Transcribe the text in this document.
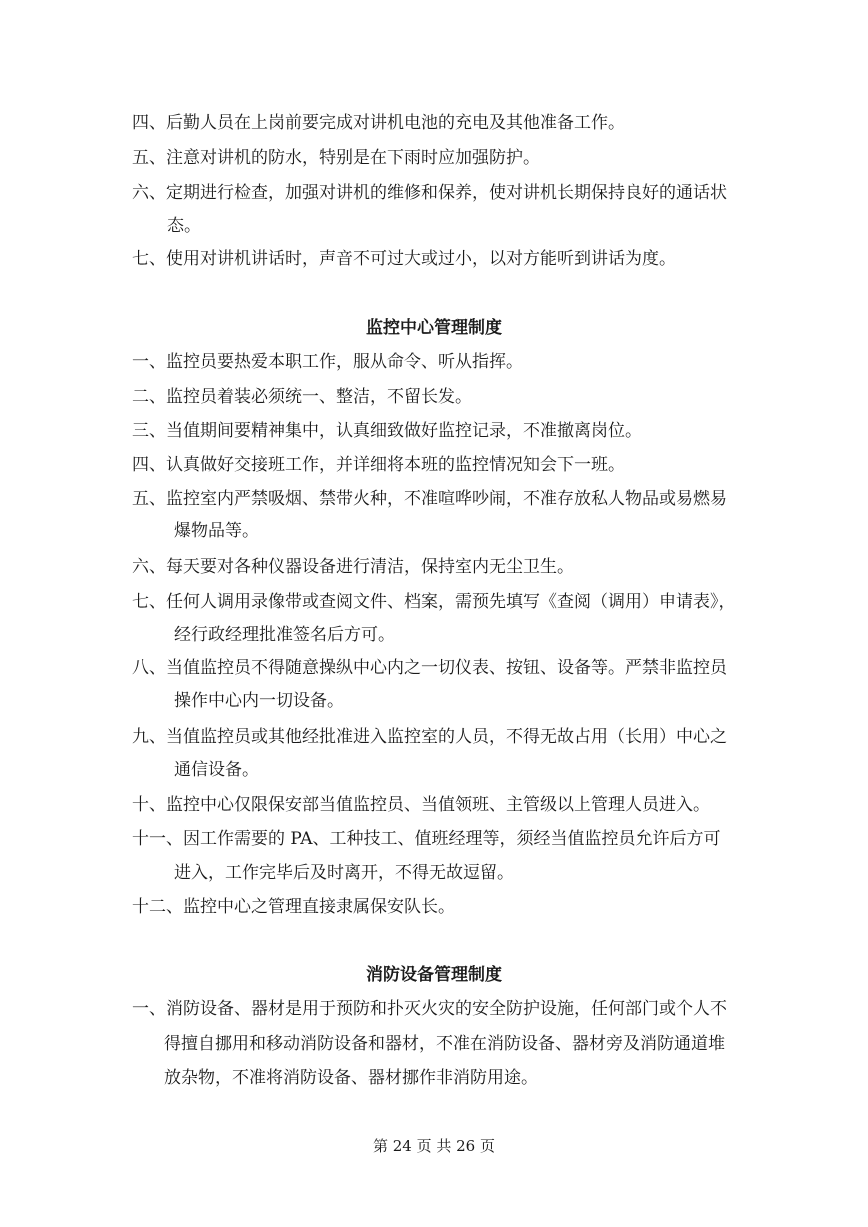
四、后勤人员在上岗前要完成对讲机电池的充电及其他准备工作。
五、注意对讲机的防水，特别是在下雨时应加强防护。
六、定期进行检查，加强对讲机的维修和保养，使对讲机长期保持良好的通话状
态。
七、使用对讲机讲话时，声音不可过大或过小，以对方能听到讲话为度。
监控中心管理制度
一、监控员要热爱本职工作，服从命令、听从指挥。
二、监控员着装必须统一、整洁，不留长发。
三、当值期间要精神集中，认真细致做好监控记录，不准撤离岗位。
四、认真做好交接班工作，并详细将本班的监控情况知会下一班。
五、监控室内严禁吸烟、禁带火种，不准喧哗吵闹，不准存放私人物品或易燃易
爆物品等。
六、每天要对各种仪器设备进行清洁，保持室内无尘卫生。
七、任何人调用录像带或查阅文件、档案，需预先填写《查阅（调用）申请表》，
经行政经理批准签名后方可。
八、当值监控员不得随意操纵中心内之一切仪表、按钮、设备等。严禁非监控员
操作中心内一切设备。
九、当值监控员或其他经批准进入监控室的人员，不得无故占用（长用）中心之
通信设备。
十、监控中心仅限保安部当值监控员、当值领班、主管级以上管理人员进入。
十一、因工作需要的 PA、工种技工、值班经理等，须经当值监控员允许后方可
进入，工作完毕后及时离开，不得无故逗留。
十二、监控中心之管理直接隶属保安队长。
消防设备管理制度
一、消防设备、器材是用于预防和扑灭火灾的安全防护设施，任何部门或个人不
得擅自挪用和移动消防设备和器材，不准在消防设备、器材旁及消防通道堆
放杂物，不准将消防设备、器材挪作非消防用途。
第 24 页 共 26 页
